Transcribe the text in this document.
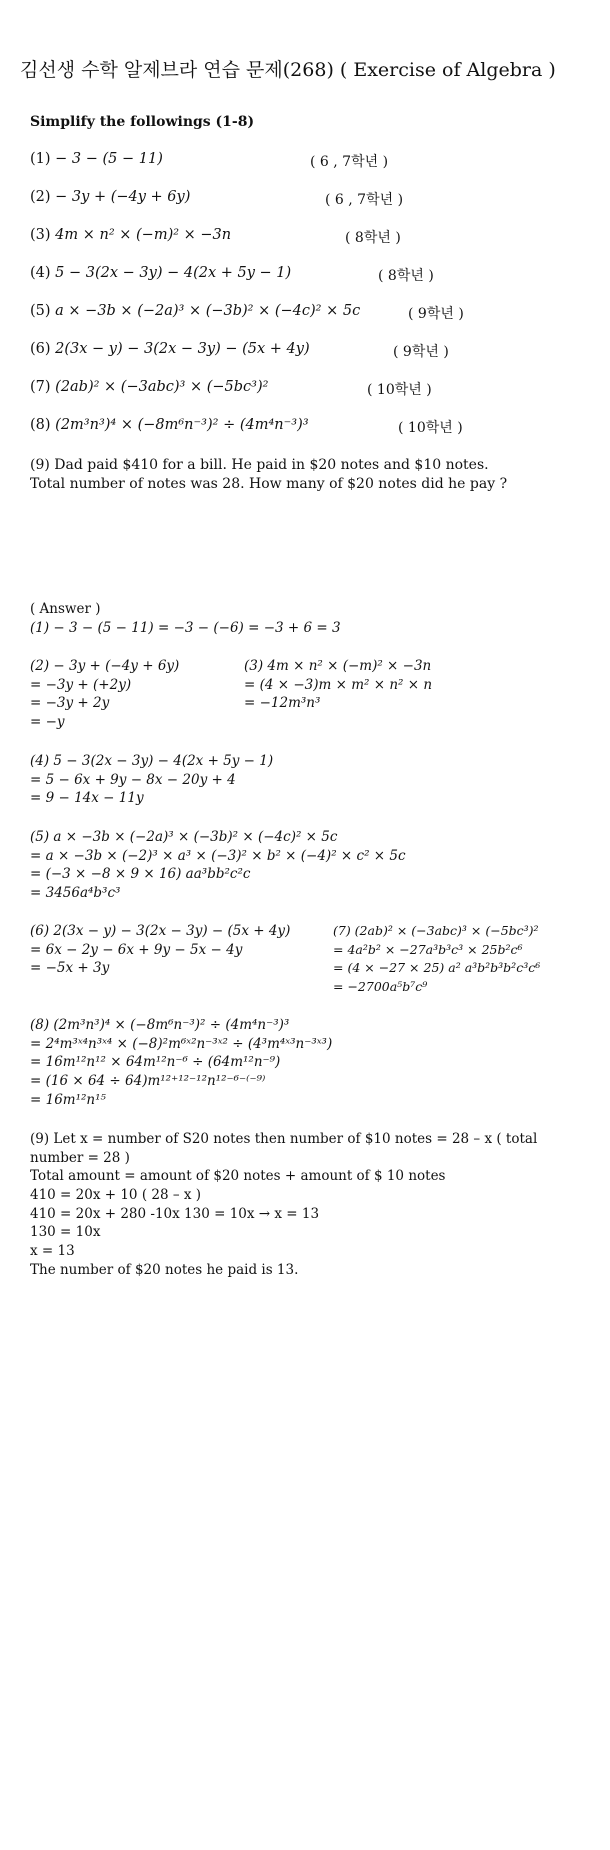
김선생 수학 알제브라 연습 문제(268) ( Exercise of Algebra )
Simplify the followings (1-8)
(1) − 3 − (5 − 11)	( 6 , 7학년 )
(2) − 3y + (−4y + 6y)	( 6 , 7학년 )
(3) 4m × n² × (−m)² × −3n	( 8학년 )
(4) 5 − 3(2x − 3y) − 4(2x + 5y − 1)	( 8학년 )
(5) a × −3b × (−2a)³ × (−3b)² × (−4c)² × 5c	( 9학년 )
(6) 2(3x − y) − 3(2x − 3y) − (5x + 4y)	( 9학년 )
(7) (2ab)² × (−3abc)³ × (−5bc³)²	( 10학년 )
(8) (2m³n³)⁴ × (−8m⁶n⁻³)² ÷ (4m⁴n⁻³)³	( 10학년 )
(9) Dad paid $410 for a bill. He paid in $20 notes and $10 notes.
Total number of notes was 28. How many of $20 notes did he pay ?
( Answer )
(1) − 3 − (5 − 11) = −3 − (−6) = −3 + 6 = 3
(2) − 3y + (−4y + 6y)
= −3y + (+2y)
= −3y + 2y
= −y
(3) 4m × n² × (−m)² × −3n
= (4 × −3)m × m² × n² × n
= −12m³n³
(4) 5 − 3(2x − 3y) − 4(2x + 5y − 1)
= 5 − 6x + 9y − 8x − 20y + 4
= 9 − 14x − 11y
(5) a × −3b × (−2a)³ × (−3b)² × (−4c)² × 5c
= a × −3b × (−2)³ × a³ × (−3)² × b² × (−4)² × c² × 5c
= (−3 × −8 × 9 × 16) aa³bb²c²c
= 3456a⁴b³c³
(6) 2(3x − y) − 3(2x − 3y) − (5x + 4y)
= 6x − 2y − 6x + 9y − 5x − 4y
= −5x + 3y
(7) (2ab)² × (−3abc)³ × (−5bc³)²
= 4a²b² × −27a³b³c³ × 25b²c⁶
= (4 × −27 × 25) a² a³b²b³b²c³c⁶
= −2700a⁵b⁷c⁹
(8) (2m³n³)⁴ × (−8m⁶n⁻³)² ÷ (4m⁴n⁻³)³
= 2⁴m³ˣ⁴n³ˣ⁴ × (−8)²m⁶ˣ²n⁻³ˣ² ÷ (4³m⁴ˣ³n⁻³ˣ³)
= 16m¹²n¹² × 64m¹²n⁻⁶ ÷ (64m¹²n⁻⁹)
= (16 × 64 ÷ 64)m¹²⁺¹²⁻¹²n¹²⁻⁶⁻⁽⁻⁹⁾
= 16m¹²n¹⁵
(9) Let x = number of S20 notes then number of $10 notes = 28 – x ( total
number = 28 )
Total amount = amount of $20 notes + amount of $ 10 notes
410 = 20x + 10 ( 28 – x )
410 = 20x + 280 -10x 130 = 10x → x = 13
130 = 10x
x = 13
The number of $20 notes he paid is 13.
